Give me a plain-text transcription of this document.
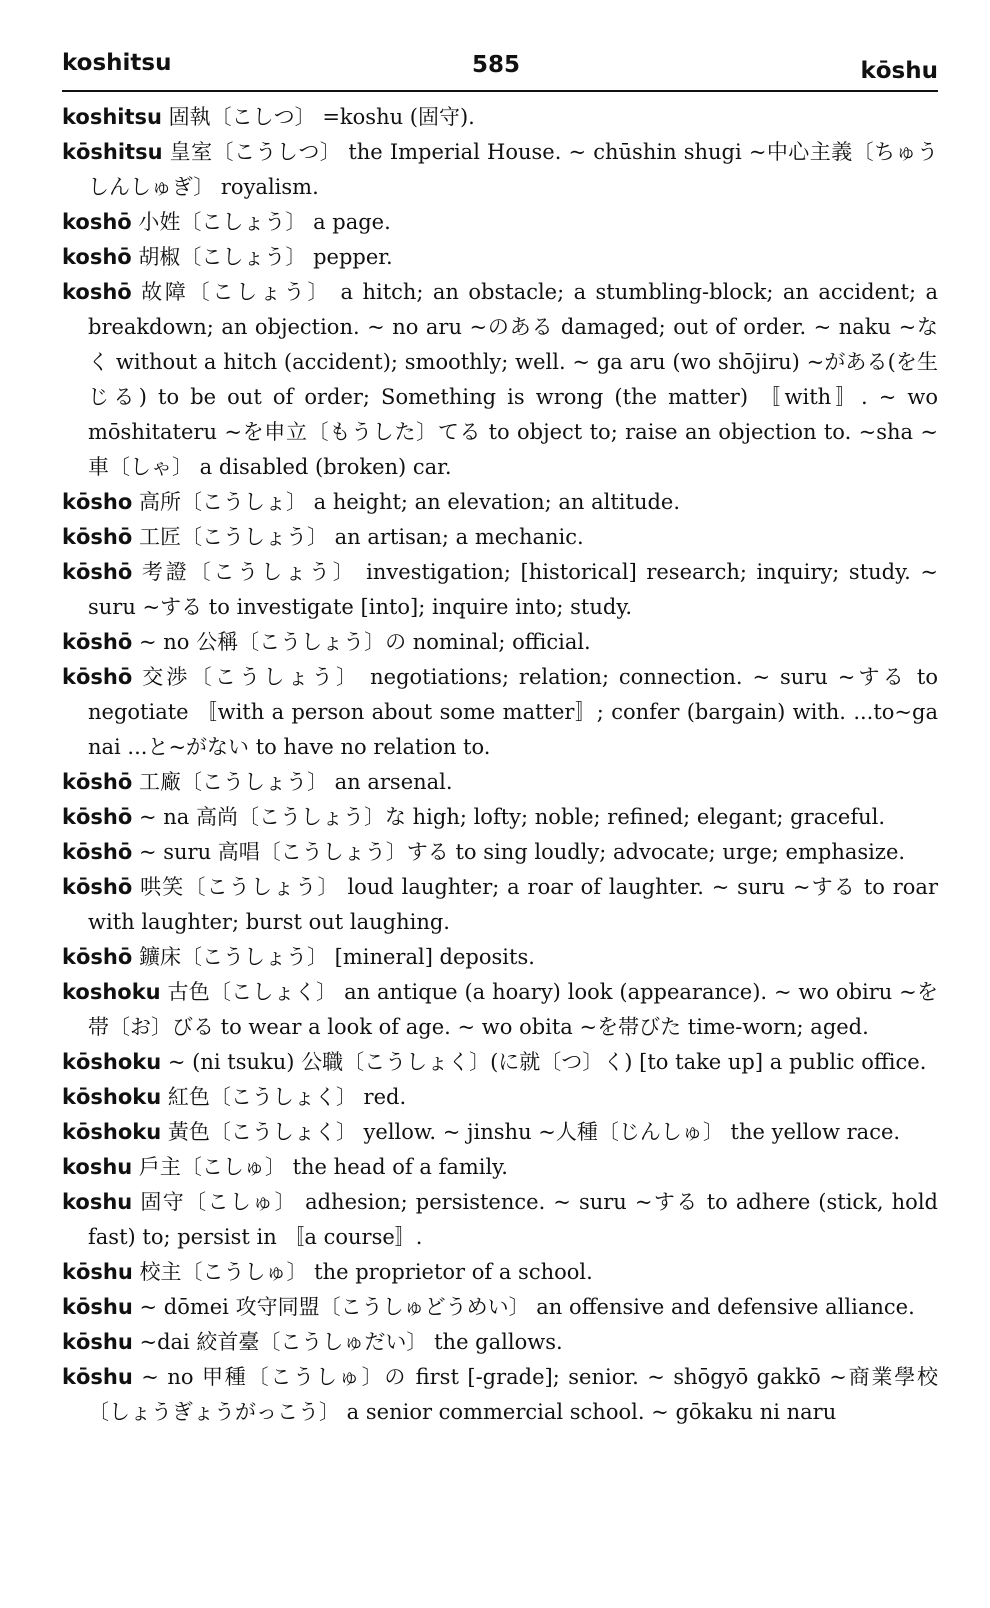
koshitsu	585	kōshu
koshitsu 固執〔こしつ〕 =koshu (固守).
kōshitsu 皇室〔こうしつ〕 the Imperial House. ~ chūshin shugi ~中心主義〔ちゅうしんしゅぎ〕 royalism.
koshō 小姓〔こしょう〕 a page.
koshō 胡椒〔こしょう〕 pepper.
koshō 故障〔こしょう〕 a hitch; an obstacle; a stumbling-block; an accident; a breakdown; an objection. ~ no aru ~のある damaged; out of order. ~ naku ~なく without a hitch (accident); smoothly; well. ~ ga aru (wo shōjiru) ~がある(を生じる) to be out of order; Something is wrong (the matter) 〚with〛. ~ wo mōshitateru ~を申立〔もうした〕てる to object to; raise an objection to. ~sha ~車〔しゃ〕 a disabled (broken) car.
kōsho 高所〔こうしょ〕 a height; an elevation; an altitude.
kōshō 工匠〔こうしょう〕 an artisan; a mechanic.
kōshō 考證〔こうしょう〕 investigation; [historical] research; inquiry; study. ~ suru ~する to investigate [into]; inquire into; study.
kōshō ~ no 公稱〔こうしょう〕の nominal; official.
kōshō 交渉〔こうしょう〕 negotiations; relation; connection. ~ suru ~する to negotiate 〚with a person about some matter〛; confer (bargain) with. ...to~ga nai ...と~がない to have no relation to.
kōshō 工廠〔こうしょう〕 an arsenal.
kōshō ~ na 高尚〔こうしょう〕な high; lofty; noble; refined; elegant; graceful.
kōshō ~ suru 高唱〔こうしょう〕する to sing loudly; advocate; urge; emphasize.
kōshō 哄笑〔こうしょう〕 loud laughter; a roar of laughter. ~ suru ~する to roar with laughter; burst out laughing.
kōshō 鑛床〔こうしょう〕 [mineral] deposits.
koshoku 古色〔こしょく〕 an antique (a hoary) look (appearance). ~ wo obiru ~を帯〔お〕びる to wear a look of age. ~ wo obita ~を帯びた time-worn; aged.
kōshoku ~ (ni tsuku) 公職〔こうしょく〕(に就〔つ〕く) [to take up] a public office.
kōshoku 紅色〔こうしょく〕 red.
kōshoku 黃色〔こうしょく〕 yellow. ~ jinshu ~人種〔じんしゅ〕 the yellow race.
koshu 戶主〔こしゅ〕 the head of a family.
koshu 固守〔こしゅ〕 adhesion; persistence. ~ suru ~する to adhere (stick, hold fast) to; persist in 〚a course〛.
kōshu 校主〔こうしゅ〕 the proprietor of a school.
kōshu ~ dōmei 攻守同盟〔こうしゅどうめい〕 an offensive and defensive alliance.
kōshu ~dai 絞首臺〔こうしゅだい〕 the gallows.
kōshu ~ no 甲種〔こうしゅ〕の first [-grade]; senior. ~ shōgyō gakkō ~商業學校〔しょうぎょうがっこう〕 a senior commercial school. ~ gōkaku ni naru
